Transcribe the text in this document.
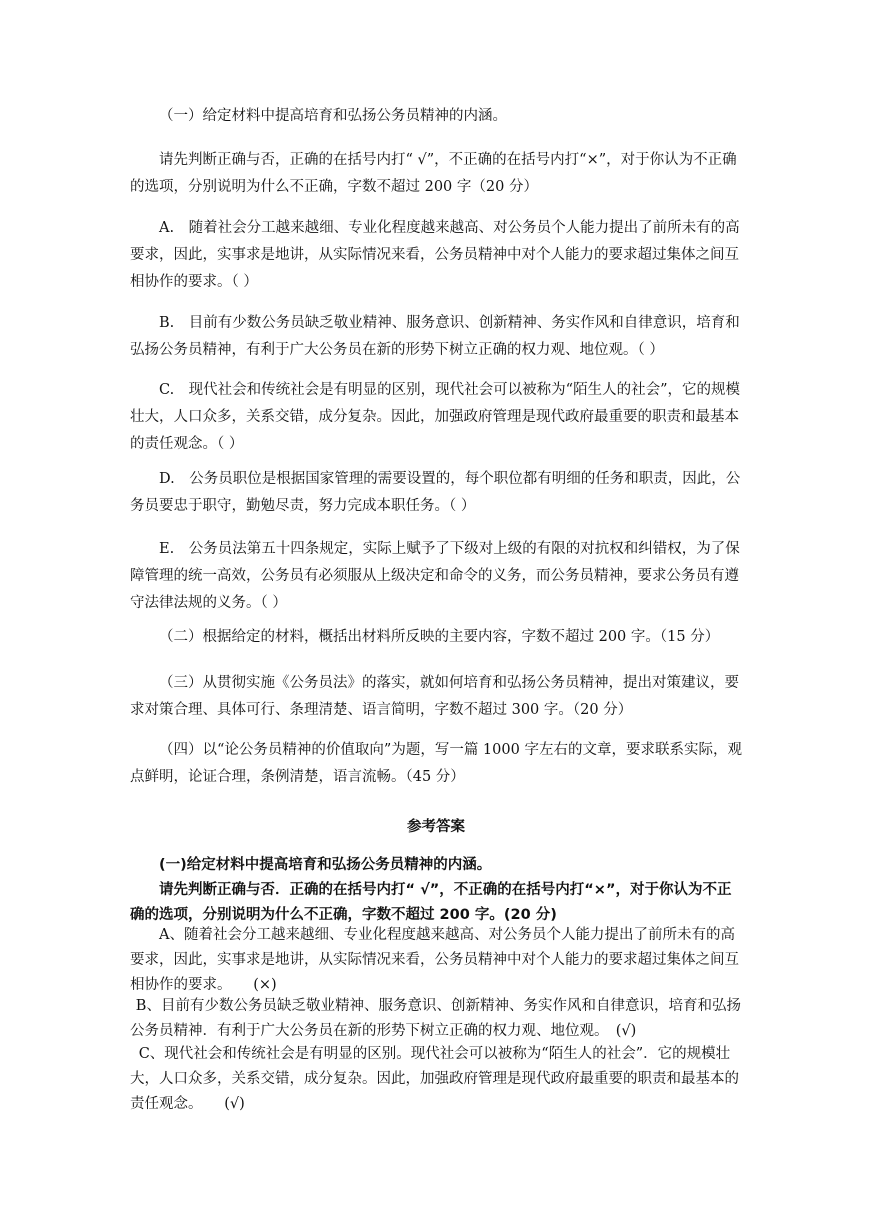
（一）给定材料中提高培育和弘扬公务员精神的内涵。

请先判断正确与否，正确的在括号内打“ √”，不正确的在括号内打“×”，对于你认为不正确的选项，分别说明为什么不正确，字数不超过 200 字（20 分）

A.　随着社会分工越来越细、专业化程度越来越高、对公务员个人能力提出了前所未有的高要求，因此，实事求是地讲，从实际情况来看，公务员精神中对个人能力的要求超过集体之间互相协作的要求。（ ）

B.　目前有少数公务员缺乏敬业精神、服务意识、创新精神、务实作风和自律意识，培育和弘扬公务员精神，有利于广大公务员在新的形势下树立正确的权力观、地位观。（ ）

C.　现代社会和传统社会是有明显的区别，现代社会可以被称为“陌生人的社会”，它的规模壮大，人口众多，关系交错，成分复杂。因此，加强政府管理是现代政府最重要的职责和最基本的责任观念。（ ）

D.　公务员职位是根据国家管理的需要设置的，每个职位都有明细的任务和职责，因此，公务员要忠于职守，勤勉尽责，努力完成本职任务。（ ）

E.　公务员法第五十四条规定，实际上赋予了下级对上级的有限的对抗权和纠错权，为了保障管理的统一高效，公务员有必须服从上级决定和命令的义务，而公务员精神，要求公务员有遵守法律法规的义务。（ ）

（二）根据给定的材料，概括出材料所反映的主要内容，字数不超过 200 字。（15 分）

（三）从贯彻实施《公务员法》的落实，就如何培育和弘扬公务员精神，提出对策建议，要求对策合理、具体可行、条理清楚、语言简明，字数不超过 300 字。（20 分）

（四）以“论公务员精神的价值取向”为题，写一篇 1000 字左右的文章，要求联系实际，观点鲜明，论证合理，条例清楚，语言流畅。（45 分）

参考答案

(一)给定材料中提高培育和弘扬公务员精神的内涵。

请先判断正确与否．正确的在括号内打“ √”，不正确的在括号内打“×”，对于你认为不正确的选项，分别说明为什么不正确，字数不超过 200 字。(20 分)

A、随着社会分工越来越细、专业化程度越来越高、对公务员个人能力提出了前所未有的高要求，因此，实事求是地讲，从实际情况来看，公务员精神中对个人能力的要求超过集体之间互相协作的要求。　　(×)

B、目前有少数公务员缺乏敬业精神、服务意识、创新精神、务实作风和自律意识，培育和弘扬公务员精神．有利于广大公务员在新的形势下树立正确的权力观、地位观。　(√)

C、现代社会和传统社会是有明显的区别。现代社会可以被称为“陌生人的社会”．它的规模壮大，人口众多，关系交错，成分复杂。因此，加强政府管理是现代政府最重要的职责和最基本的责任观念。　　(√)
